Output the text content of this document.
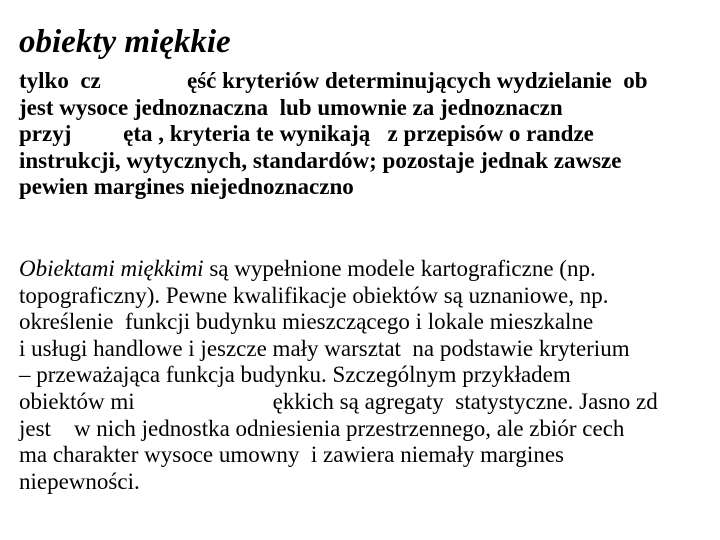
obiekty miękkie
tylko  cz               ęść kryteriów determinujących wydzielanie  ob
jest wysoce jednoznaczna  lub umownie za jednoznaczn
przyj         ęta , kryteria te wynikają   z przepisów o randze
instrukcji, wytycznych, standardów; pozostaje jednak zawsze
pewien margines niejednoznaczno
Obiektami miękkimi są wypełnione modele kartograficzne (np.
topograficzny). Pewne kwalifikacje obiektów są uznaniowe, np.
określenie  funkcji budynku mieszczącego i lokale mieszkalne
i usługi handlowe i jeszcze mały warsztat  na podstawie kryterium
– przeważająca funkcja budynku. Szczególnym przykładem
obiektów mi                        ękkich są agregaty  statystyczne. Jasno zd
jest    w nich jednostka odniesienia przestrzennego, ale zbiór cech
ma charakter wysoce umowny  i zawiera niemały margines
niepewności.
